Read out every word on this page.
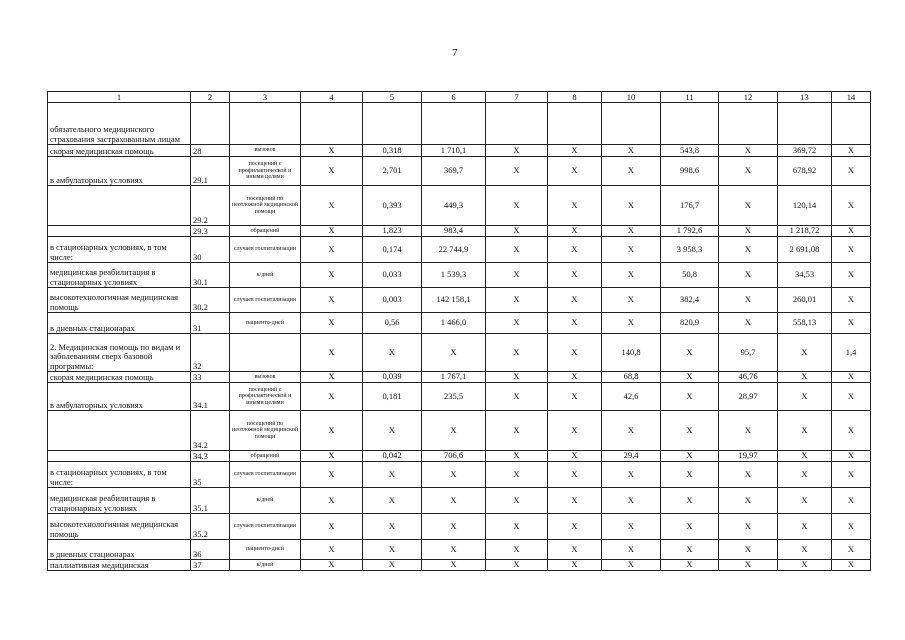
7
1	2	3	4	5	6	7	8	10	11	12	13	14
обязательного медицинского страхования застрахованным лицам												
скорая медицинская помощь	28	вызовов	Х	0,318	1 710,1	Х	Х	Х	543,8	Х	369,72	Х
в амбулаторных условиях	29.1	посещений с профилактической и иными целями	Х	2,701	369,7	Х	Х	Х	998,6	Х	678,92	Х
	29.2	посещений по неотложной медицинской помощи	Х	0,393	449,3	Х	Х	Х	176,7	Х	120,14	Х
	29.3	обращений	Х	1,823	983,4	Х	Х	Х	1 792,6	Х	1 218,72	Х
в стационарных условиях, в том числе:	30	случаев госпитализации	Х	0,174	22 744,9	Х	Х	Х	3 958,3	Х	2 691,08	Х
медицинская реабилитация в стационарных условиях	30.1	к/дней	Х	0,033	1 539,3	Х	Х	Х	50,8	Х	34,53	Х
высокотехнологичная медицинская помощь	30.2	случаев госпитализации	Х	0,003	142 158,1	Х	Х	Х	382,4	Х	260,01	Х
в дневных стационарах	31	пациенто-дней	Х	0,56	1 466,0	Х	Х	Х	820,9	Х	558,13	Х
2. Медицинская помощь по видам и заболеваниям сверх базовой программы:	32		Х	Х	Х	Х	Х	140,8	Х	95,7	Х	1,4
скорая медицинская помощь	33	вызовов	Х	0,039	1 767,1	Х	Х	68,8	Х	46,76	Х	Х
в амбулаторных условиях	34.1	посещений с профилактической и иными целями	Х	0,181	235,5	Х	Х	42,6	Х	28,97	Х	Х
	34.2	посещений по неотложной медицинской помощи	Х	Х	Х	Х	Х	Х	Х	Х	Х	Х
	34.3	обращений	Х	0,042	706,6	Х	Х	29,4	Х	19,97	Х	Х
в стационарных условиях, в том числе:	35	случаев госпитализации	Х	Х	Х	Х	Х	Х	Х	Х	Х	Х
медицинская реабилитация в стационарных условиях	35.1	к/дней	Х	Х	Х	Х	Х	Х	Х	Х	Х	Х
высокотехнологичная медицинская помощь	35.2	случаев госпитализации	Х	Х	Х	Х	Х	Х	Х	Х	Х	Х
в дневных стационарах	36	пациенто-дней	Х	Х	Х	Х	Х	Х	Х	Х	Х	Х
паллиативная медицинская	37	к/дней	Х	Х	Х	Х	Х	Х	Х	Х	Х	Х
